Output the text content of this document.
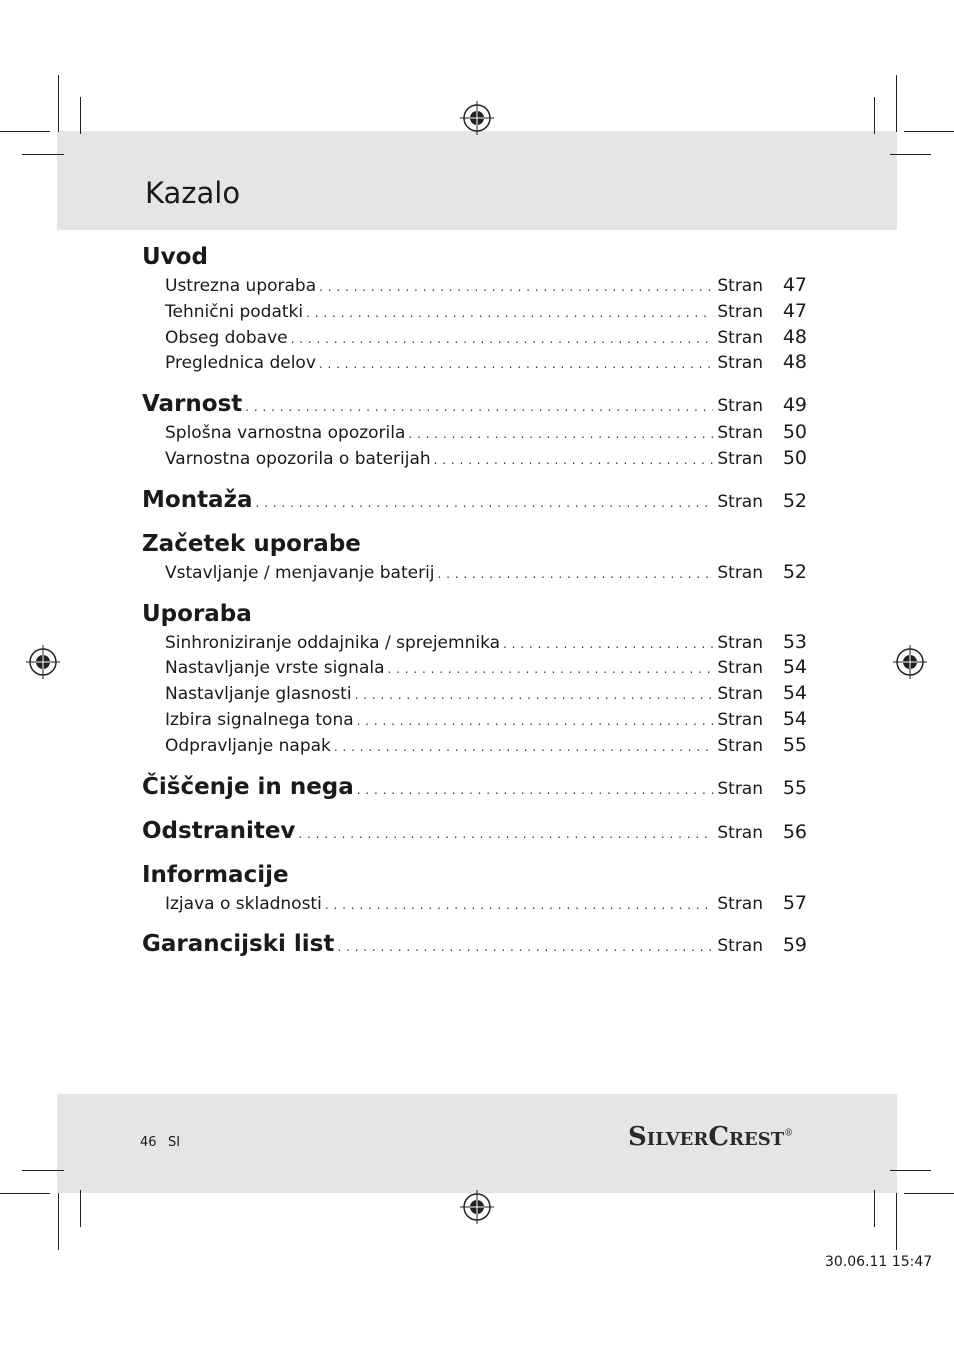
Kazalo
Uvod
Ustrezna uporaba . . .	Stran	47
Tehnični podatki . . .	Stran	47
Obseg dobave . . .	Stran	48
Preglednica delov . . .	Stran	48
Varnost . . .	Stran	49
Splošna varnostna opozorila . . .	Stran	50
Varnostna opozorila o baterijah . . .	Stran	50
Montaža . . .	Stran	52
Začetek uporabe
Vstavljanje / menjavanje baterij . . .	Stran	52
Uporaba
Sinhroniziranje oddajnika / sprejemnika . . .	Stran	53
Nastavljanje vrste signala . . .	Stran	54
Nastavljanje glasnosti . . .	Stran	54
Izbira signalnega tona . . .	Stran	54
Odpravljanje napak . . .	Stran	55
Čiščenje in nega . . .	Stran	55
Odstranitev . . .	Stran	56
Informacije
Izjava o skladnosti . . .	Stran	57
Garancijski list . . .	Stran	59
46 SI	SilverCrest®
30.06.11 15:47
